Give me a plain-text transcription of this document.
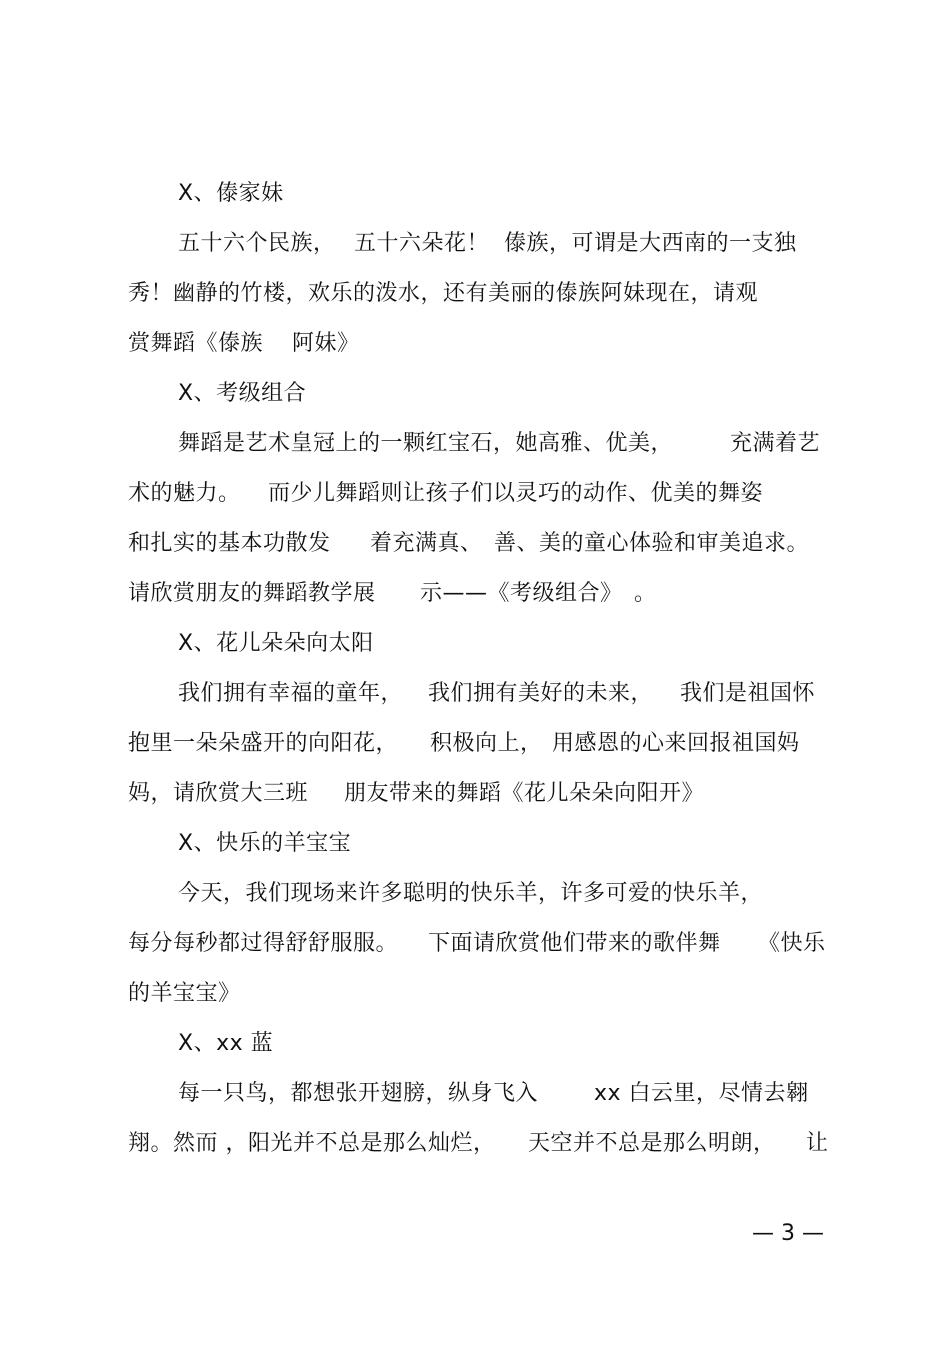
X、傣家妹
五十六个民族， 五十六朵花！ 傣族，可谓是大西南的一支独
秀！幽静的竹楼，欢乐的泼水，还有美丽的傣族阿妹现在，请观
赏舞蹈《傣族 阿妹》
X、考级组合
舞蹈是艺术皇冠上的一颗红宝石，她高雅、优美，	充满着艺
术的魅力。 而少儿舞蹈则让孩子们以灵巧的动作、优美的舞姿
和扎实的基本功散发 着充满真、 善、美的童心体验和审美追求。
请欣赏朋友的舞蹈教学展 示——《考级组合》 。
X、花儿朵朵向太阳
我们拥有幸福的童年， 我们拥有美好的未来， 我们是祖国怀
抱里一朵朵盛开的向阳花， 积极向上， 用感恩的心来回报祖国妈
妈，请欣赏大三班 朋友带来的舞蹈《花儿朵朵向阳开》
X、快乐的羊宝宝
今天，我们现场来许多聪明的快乐羊，许多可爱的快乐羊，
每分每秒都过得舒舒服服。 下面请欣赏他们带来的歌伴舞 《快乐
的羊宝宝》
X、xx 蓝
每一只鸟，都想张开翅膀，纵身飞入	xx 白云里，尽情去翱
翔。然而 ，阳光并不总是那么灿烂， 天空并不总是那么明朗， 让
— 3 —
